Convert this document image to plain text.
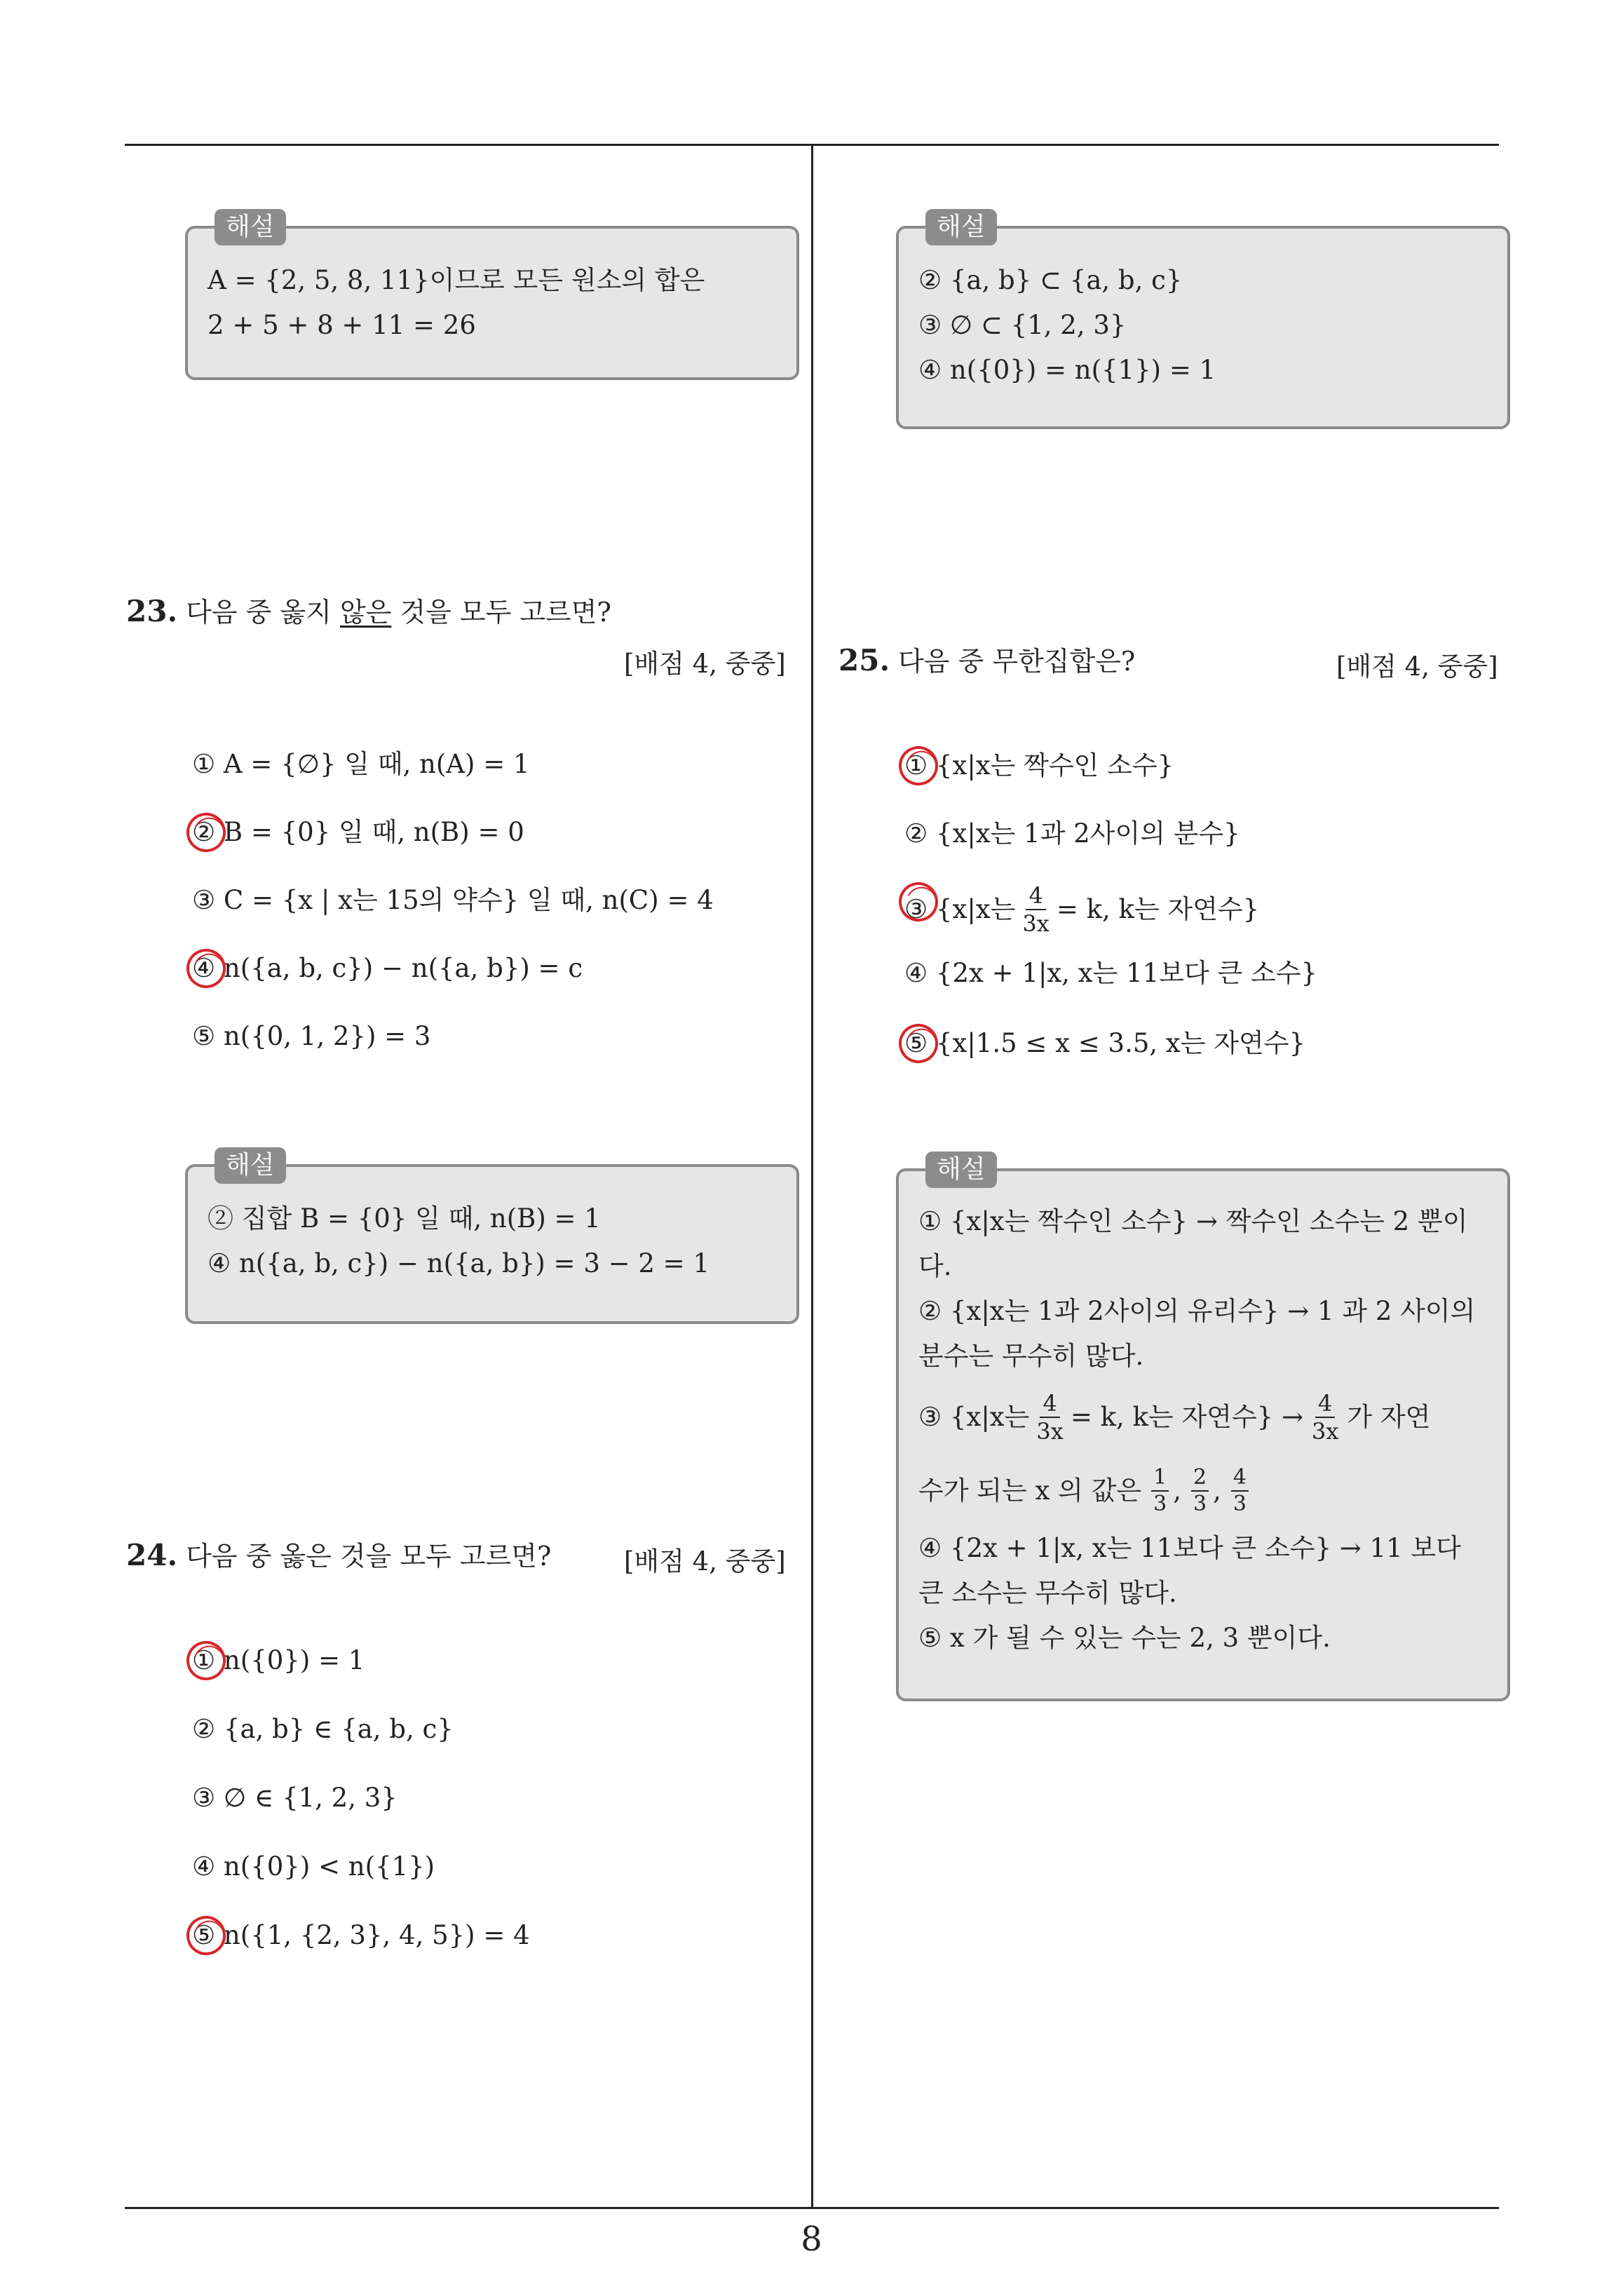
해설
A = {2, 5, 8, 11}이므로 모든 원소의 합은
2 + 5 + 8 + 11 = 26
해설
② {a, b} ⊂ {a, b, c}
③ ∅ ⊂ {1, 2, 3}
④ n({0}) = n({1}) = 1
23. 다음 중 옳지 않은 것을 모두 고르면?
[배점 4, 중중]
① A = {∅} 일 때, n(A) = 1
② B = {0} 일 때, n(B) = 0
③ C = {x | x는 15의 약수} 일 때, n(C) = 4
④ n({a, b, c}) − n({a, b}) = c
⑤ n({0, 1, 2}) = 3
해설
② 집합 B = {0} 일 때, n(B) = 1
④ n({a, b, c}) − n({a, b}) = 3 − 2 = 1
24. 다음 중 옳은 것을 모두 고르면?	[배점 4, 중중]
① n({0}) = 1
② {a, b} ∈ {a, b, c}
③ ∅ ∈ {1, 2, 3}
④ n({0}) < n({1})
⑤ n({1, {2, 3}, 4, 5}) = 4
25. 다음 중 무한집합은?	[배점 4, 중중]
① {x|x는 짝수인 소수}
② {x|x는 1과 2사이의 분수}
③ {x|x는 $\frac{4}{3x} = k$, k는 자연수}
④ {2x + 1|x, x는 11보다 큰 소수}
⑤ {x|1.5 ≤ x ≤ 3.5, x는 자연수}
해설
① {x|x는 짝수인 소수} → 짝수인 소수는 2 뿐이
다.
② {x|x는 1과 2사이의 유리수} → 1 과 2 사이의
분수는 무수히 많다.
③ {x|x는 $\frac{4}{3x} = k$, k는 자연수} → $\frac{4}{3x}$ 가 자연
수가 되는 x 의 값은 $\frac{1}{3}$ , $\frac{2}{3}$ , $\frac{4}{3}$
④ {2x + 1|x, x는 11보다 큰 소수} → 11 보다
큰 소수는 무수히 많다.
⑤ x 가 될 수 있는 수는 2, 3 뿐이다.
8
